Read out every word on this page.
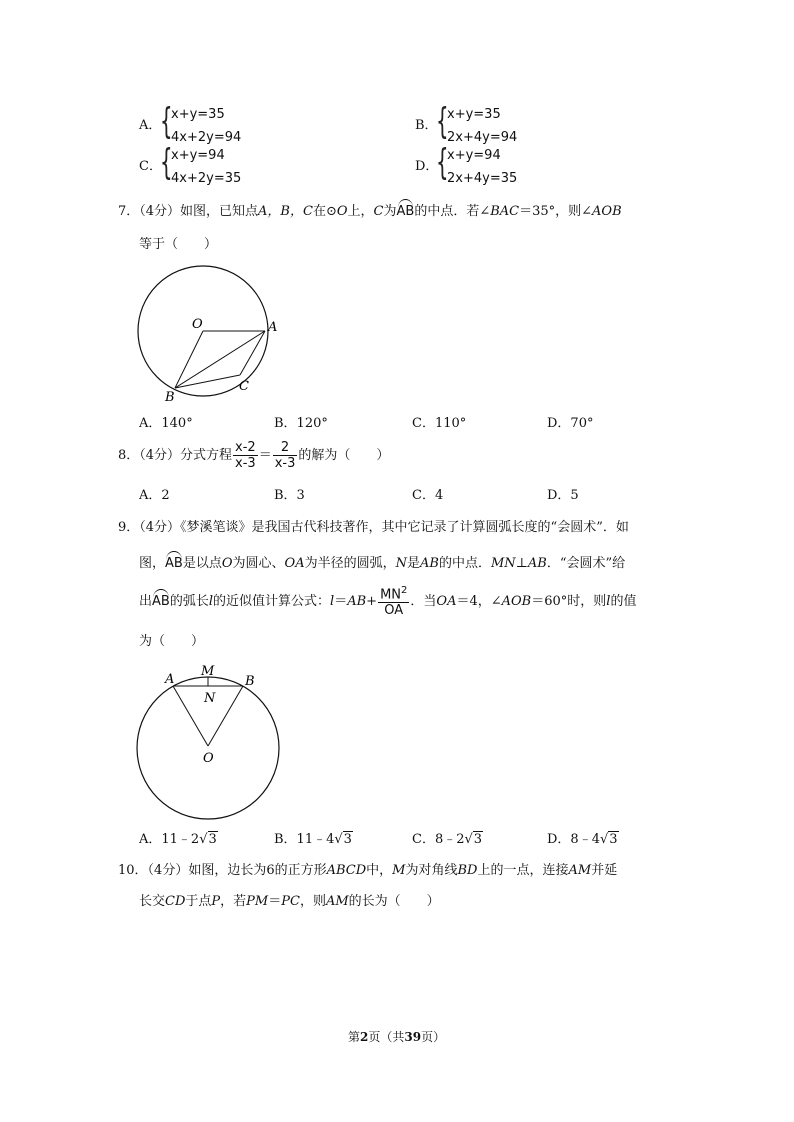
A．
{
x+y=35
4x+2y=94
B．
{
x+y=35
2x+4y=94
C．
{
x+y=94
4x+2y=35
D．
{
x+y=94
2x+4y=35
7．（4分）如图，已知点A，B，C在⊙O上，C为AB的中点．若∠BAC＝35°，则∠AOB
等于（　　）
O	A
B
C
A．140°	B．120°	C．110°	D．70°
8．（4分）分式方程 $\frac{x-2}{x-3} = \frac{2}{x-3}$ 的解为（　　）
A．2	B．3	C．4	D．5
9．（4分）《梦溪笔谈》是我国古代科技著作，其中它记录了计算圆弧长度的“会圆术”．如
图，AB是以点O为圆心、OA为半径的圆弧，N是AB的中点．MN⊥AB．“会圆术”给
出AB的弧长l的近似值计算公式：$l=AB+ \frac{MN^2}{OA}$ ．当OA＝4，∠AOB＝60°时，则l的值
为（　　）
A
M
B
N
O
A．11﹣2√3	B．11﹣4√3	C．8﹣2√3	D．8﹣4√3
10．（4分）如图，边长为6的正方形ABCD中，M为对角线BD上的一点，连接AM并延
长交CD于点P，若PM＝PC，则AM的长为（　　）
第2页（共39页）
